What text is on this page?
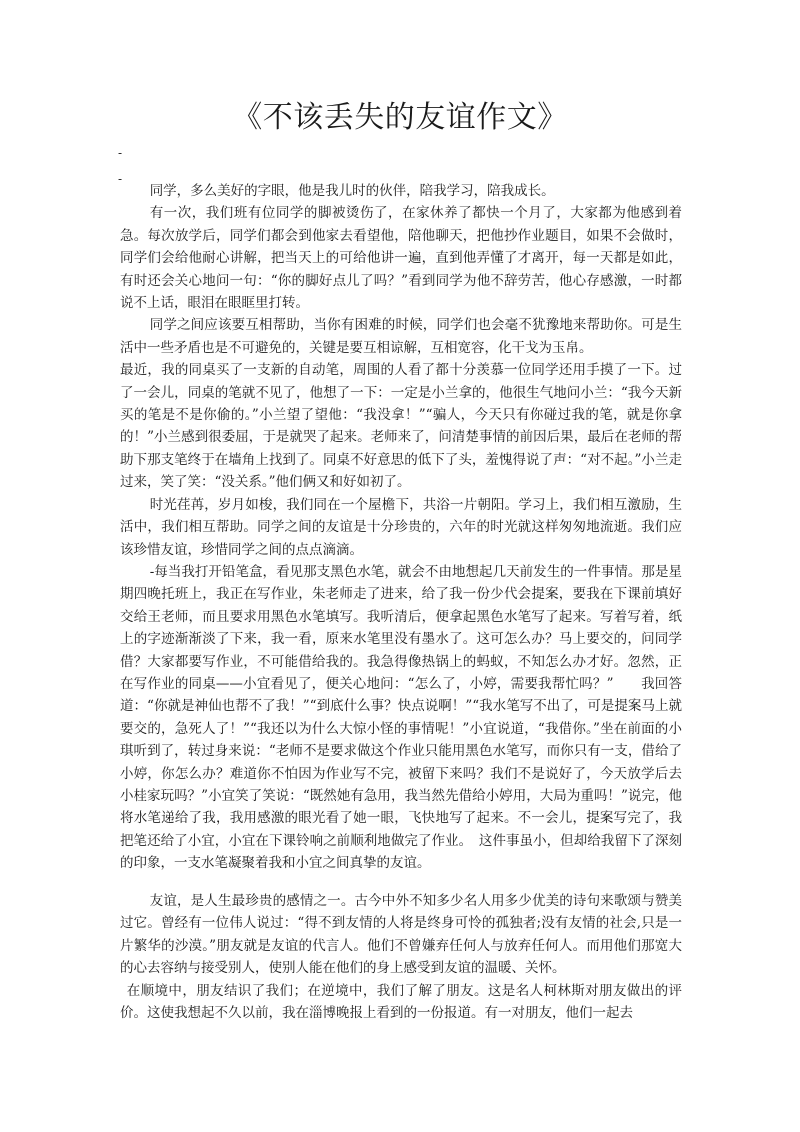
《不该丢失的友谊作文》
-
-

同学，多么美好的字眼，他是我儿时的伙伴，陪我学习，陪我成长。

有一次，我们班有位同学的脚被烫伤了，在家休养了都快一个月了，大家都为他感到着急。每次放学后，同学们都会到他家去看望他，陪他聊天，把他抄作业题目，如果不会做时，同学们会给他耐心讲解，把当天上的可给他讲一遍，直到他弄懂了才离开，每一天都是如此，有时还会关心地问一句：“你的脚好点儿了吗？”看到同学为他不辞劳苦，他心存感激，一时都说不上话，眼泪在眼眶里打转。

同学之间应该要互相帮助，当你有困难的时候，同学们也会毫不犹豫地来帮助你。可是生活中一些矛盾也是不可避免的，关键是要互相谅解，互相宽容，化干戈为玉帛。

最近，我的同桌买了一支新的自动笔，周围的人看了都十分羡慕一位同学还用手摸了一下。过了一会儿，同桌的笔就不见了，他想了一下：一定是小兰拿的，他很生气地问小兰：“我今天新买的笔是不是你偷的。”小兰望了望他：“我没拿！”“骗人，今天只有你碰过我的笔，就是你拿的！”小兰感到很委屈，于是就哭了起来。老师来了，问清楚事情的前因后果，最后在老师的帮助下那支笔终于在墙角上找到了。同桌不好意思的低下了头，羞愧得说了声：“对不起。”小兰走过来，笑了笑：“没关系。”他们俩又和好如初了。

时光荏苒，岁月如梭，我们同在一个屋檐下，共浴一片朝阳。学习上，我们相互激励，生活中，我们相互帮助。同学之间的友谊是十分珍贵的，六年的时光就这样匆匆地流逝。我们应该珍惜友谊，珍惜同学之间的点点滴滴。

-每当我打开铅笔盒，看见那支黑色水笔，就会不由地想起几天前发生的一件事情。那是星期四晚托班上，我正在写作业，朱老师走了进来，给了我一份少代会提案，要我在下课前填好交给王老师，而且要求用黑色水笔填写。我听清后，便拿起黑色水笔写了起来。写着写着，纸上的字迹渐渐淡了下来，我一看，原来水笔里没有墨水了。这可怎么办？马上要交的，问同学借？大家都要写作业，不可能借给我的。我急得像热锅上的蚂蚁，不知怎么办才好。忽然，正在写作业的同桌——小宜看见了，便关心地问：“怎么了，小婷，需要我帮忙吗？”　　我回答道：“你就是神仙也帮不了我！”“到底什么事？快点说啊！”“我水笔写不出了，可是提案马上就要交的，急死人了！”“我还以为什么大惊小怪的事情呢！”小宜说道，“我借你。”坐在前面的小琪听到了，转过身来说：“老师不是要求做这个作业只能用黑色水笔写，而你只有一支，借给了小婷，你怎么办？难道你不怕因为作业写不完，被留下来吗？我们不是说好了，今天放学后去小桂家玩吗？”小宜笑了笑说：“既然她有急用，我当然先借给小婷用，大局为重吗！”说完，他将水笔递给了我，我用感激的眼光看了她一眼，飞快地写了起来。不一会儿，提案写完了，我把笔还给了小宜，小宜在下课铃响之前顺利地做完了作业。　这件事虽小，但却给我留下了深刻的印象，一支水笔凝聚着我和小宜之间真挚的友谊。

友谊，是人生最珍贵的感情之一。古今中外不知多少名人用多少优美的诗句来歌颂与赞美过它。曾经有一位伟人说过：“得不到友情的人将是终身可怜的孤独者;没有友情的社会,只是一片繁华的沙漠。”朋友就是友谊的代言人。他们不曾嫌弃任何人与放弃任何人。而用他们那宽大的心去容纳与接受别人，使别人能在他们的身上感受到友谊的温暖、关怀。

在顺境中，朋友结识了我们；在逆境中，我们了解了朋友。这是名人柯林斯对朋友做出的评价。这使我想起不久以前，我在淄博晚报上看到的一份报道。有一对朋友，他们一起去
